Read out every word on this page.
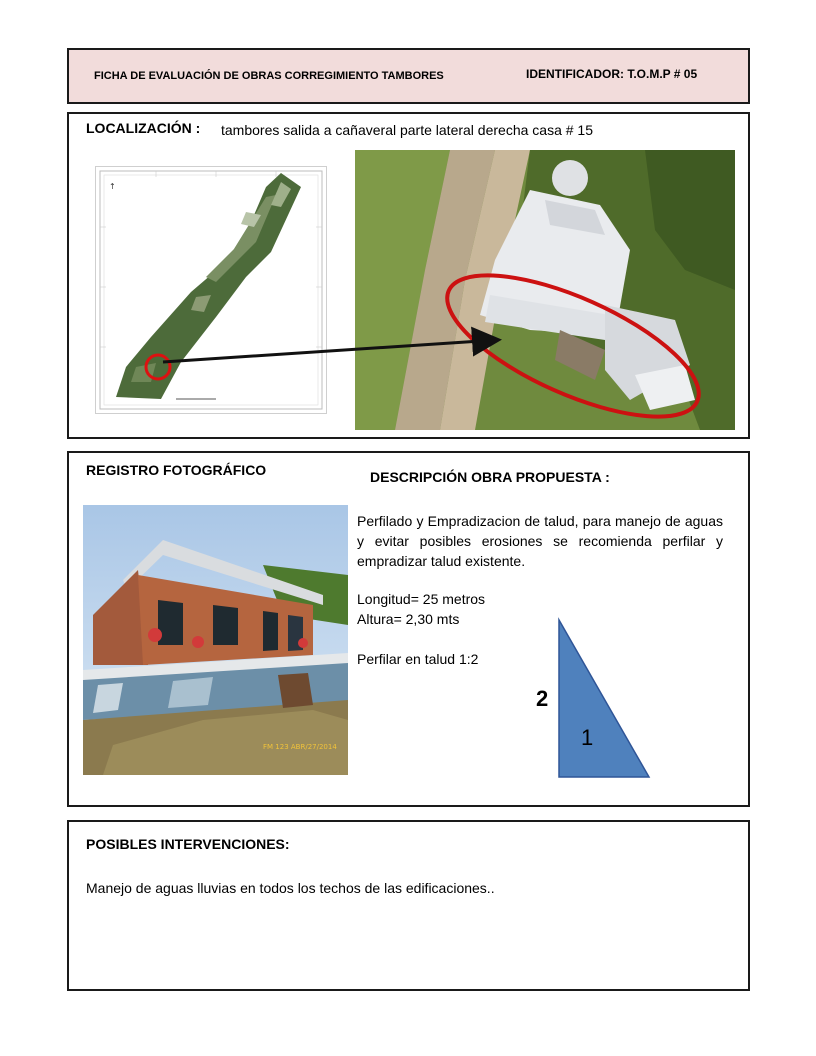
FICHA DE EVALUACIÓN DE OBRAS CORREGIMIENTO TAMBORES	IDENTIFICADOR: T.O.M.P # 05
LOCALIZACIÓN : tambores salida a cañaveral parte lateral derecha casa # 15
↑
REGISTRO FOTOGRÁFICO	DESCRIPCIÓN OBRA PROPUESTA :
FM 123 ABR/27/2014
Perfilado y Empradizacion de talud, para manejo de aguas y evitar posibles erosiones se recomienda perfilar y empradizar talud existente.
Longitud= 25 metros
Altura= 2,30 mts
Perfilar en talud 1:2
2
1
POSIBLES INTERVENCIONES:
Manejo de aguas lluvias en todos los techos de las edificaciones..
